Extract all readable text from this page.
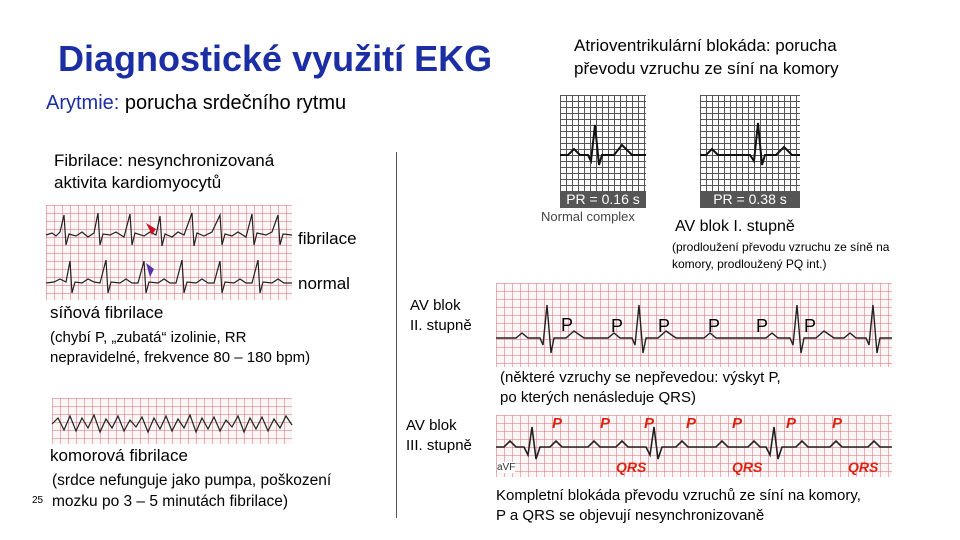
Diagnostické využití EKG	Atrioventrikulární blokáda: porucha
převodu vzruchu ze síní na komory
Arytmie: porucha srdečního rytmu
Fibrilace: nesynchronizovaná
aktivita kardiomyocytů
fibrilace
normal
síňová fibrilace
(chybí P, „zubatá“ izolinie, RR
nepravidelné, frekvence 80 – 180 bpm)
komorová fibrilace
(srdce nefunguje jako pumpa, poškození
mozku po 3 – 5 minutách fibrilace)
25
PR = 0.16 s
Normal complex
PR = 0.38 s
AV blok I. stupně
(prodloužení převodu vzruchu ze síně na
komory, prodloužený PQ int.)
AV blok
II. stupně	P P P P P P
(některé vzruchy se nepřevedou: výskyt P,
po kterých nenásleduje QRS)
AV blok
III. stupně
aVF
P	P P P P	P P
QRS	QRS	QRS
Kompletní blokáda převodu vzruchů ze síní na komory,
P a QRS se objevují nesynchronizovaně
